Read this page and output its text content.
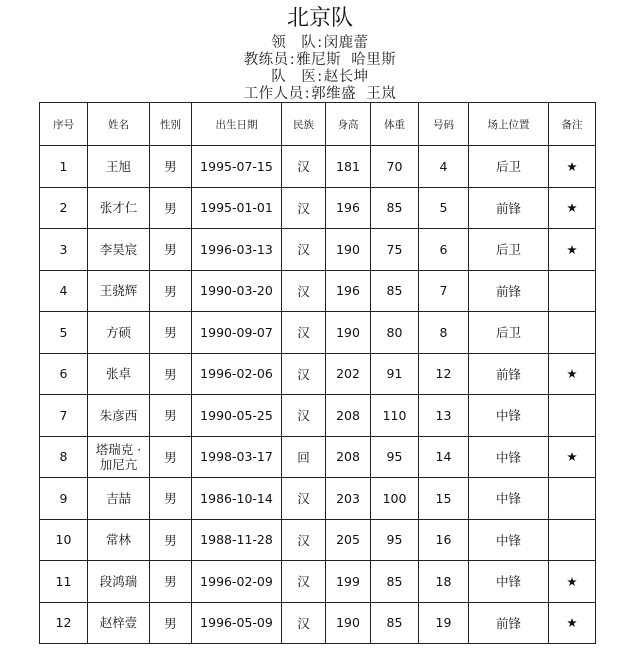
北京队
领　队:闵鹿蕾
教练员:雅尼斯  哈里斯
队　医:赵长坤
工作人员:郭维盛  王岚
序号	姓名	性别	出生日期	民族	身高	体重	号码	场上位置	备注
1	王旭	男	1995-07-15	汉	181	70	4	后卫	★
2	张才仁	男	1995-01-01	汉	196	85	5	前锋	★
3	李昊宸	男	1996-03-13	汉	190	75	6	后卫	★
4	王骁辉	男	1990-03-20	汉	196	85	7	前锋	
5	方硕	男	1990-09-07	汉	190	80	8	后卫	
6	张卓	男	1996-02-06	汉	202	91	12	前锋	★
7	朱彦西	男	1990-05-25	汉	208	110	13	中锋	
8	塔瑞克 · 加尼亢	男	1998-03-17	回	208	95	14	中锋	★
9	吉喆	男	1986-10-14	汉	203	100	15	中锋	
10	常林	男	1988-11-28	汉	205	95	16	中锋	
11	段鸿瑞	男	1996-02-09	汉	199	85	18	中锋	★
12	赵梓壹	男	1996-05-09	汉	190	85	19	前锋	★
